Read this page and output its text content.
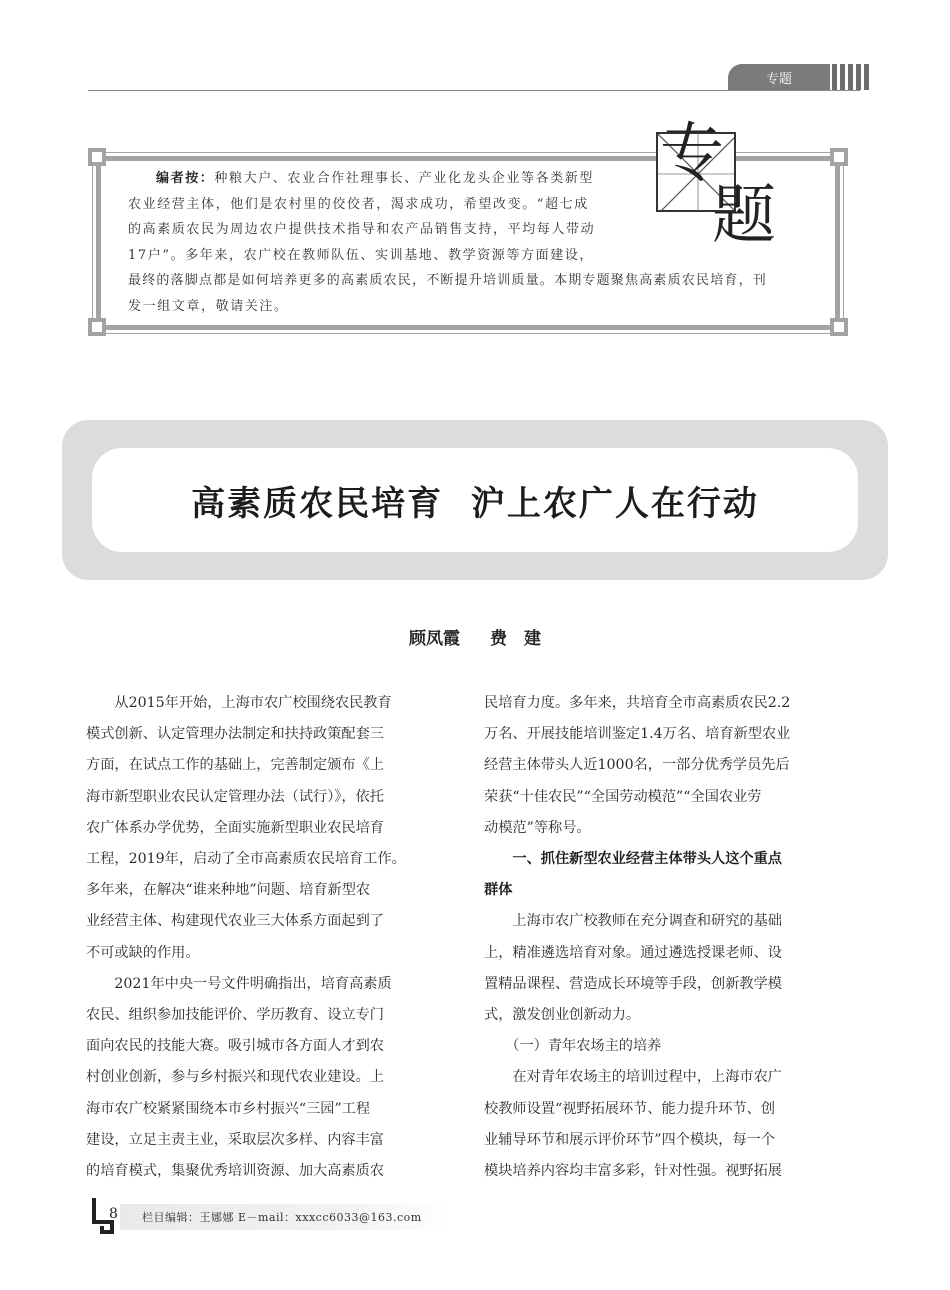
专题
编者按：种粮大户、农业合作社理事长、产业化龙头企业等各类新型
农业经营主体，他们是农村里的佼佼者，渴求成功，希望改变。“超七成
的高素质农民为周边农户提供技术指导和农产品销售支持，平均每人带动
17户”。多年来，农广校在教师队伍、实训基地、教学资源等方面建设，
最终的落脚点都是如何培养更多的高素质农民，不断提升培训质量。本期专题聚焦高素质农民培育，刊
发一组文章，敬请关注。
专
题
高素质农民培育  沪上农广人在行动
顾凤霞 费　建
　　从2015年开始，上海市农广校围绕农民教育
模式创新、认定管理办法制定和扶持政策配套三
方面，在试点工作的基础上，完善制定颁布《上
海市新型职业农民认定管理办法（试行）》，依托
农广体系办学优势，全面实施新型职业农民培育
工程，2019年，启动了全市高素质农民培育工作。
多年来，在解决“谁来种地”问题、培育新型农
业经营主体、构建现代农业三大体系方面起到了
不可或缺的作用。
　　2021年中央一号文件明确指出，培育高素质
农民、组织参加技能评价、学历教育、设立专门
面向农民的技能大赛。吸引城市各方面人才到农
村创业创新，参与乡村振兴和现代农业建设。上
海市农广校紧紧围绕本市乡村振兴“三园”工程
建设，立足主责主业，采取层次多样、内容丰富
的培育模式，集聚优秀培训资源、加大高素质农
民培育力度。多年来，共培育全市高素质农民2.2
万名、开展技能培训鉴定1.4万名、培育新型农业
经营主体带头人近1000名，一部分优秀学员先后
荣获“十佳农民”“全国劳动模范”“全国农业劳
动模范”等称号。
　　一、抓住新型农业经营主体带头人这个重点
群体
　　上海市农广校教师在充分调查和研究的基础
上，精准遴选培育对象。通过遴选授课老师、设
置精品课程、营造成长环境等手段，创新教学模
式，激发创业创新动力。
　　（一）青年农场主的培养
　　在对青年农场主的培训过程中，上海市农广
校教师设置“视野拓展环节、能力提升环节、创
业辅导环节和展示评价环节”四个模块，每一个
模块培养内容均丰富多彩，针对性强。视野拓展
8 栏目编辑：王娜娜 E－mail：xxxcc6033@163.com
